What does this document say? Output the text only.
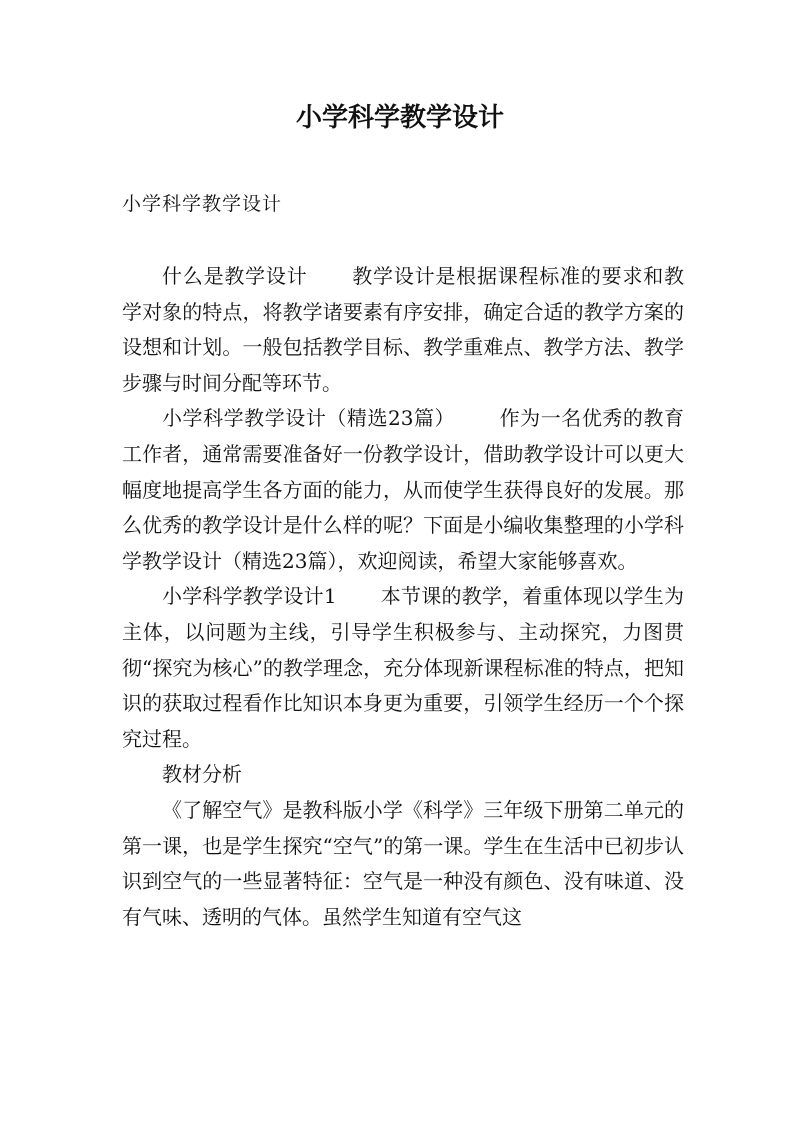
小学科学教学设计

小学科学教学设计

什么是教学设计 教学设计是根据课程标准的要求和教学对象的特点，将教学诸要素有序安排，确定合适的教学方案的设想和计划。一般包括教学目标、教学重难点、教学方法、教学步骤与时间分配等环节。

小学科学教学设计（精选23篇） 作为一名优秀的教育工作者，通常需要准备好一份教学设计，借助教学设计可以更大幅度地提高学生各方面的能力，从而使学生获得良好的发展。那么优秀的教学设计是什么样的呢？下面是小编收集整理的小学科学教学设计（精选23篇），欢迎阅读，希望大家能够喜欢。

小学科学教学设计1 本节课的教学，着重体现以学生为主体，以问题为主线，引导学生积极参与、主动探究，力图贯彻“探究为核心”的教学理念，充分体现新课程标准的特点，把知识的获取过程看作比知识本身更为重要，引领学生经历一个个探究过程。

教材分析

《了解空气》是教科版小学《科学》三年级下册第二单元的第一课，也是学生探究“空气”的第一课。学生在生活中已初步认识到空气的一些显著特征：空气是一种没有颜色、没有味道、没有气味、透明的气体。虽然学生知道有空气这
